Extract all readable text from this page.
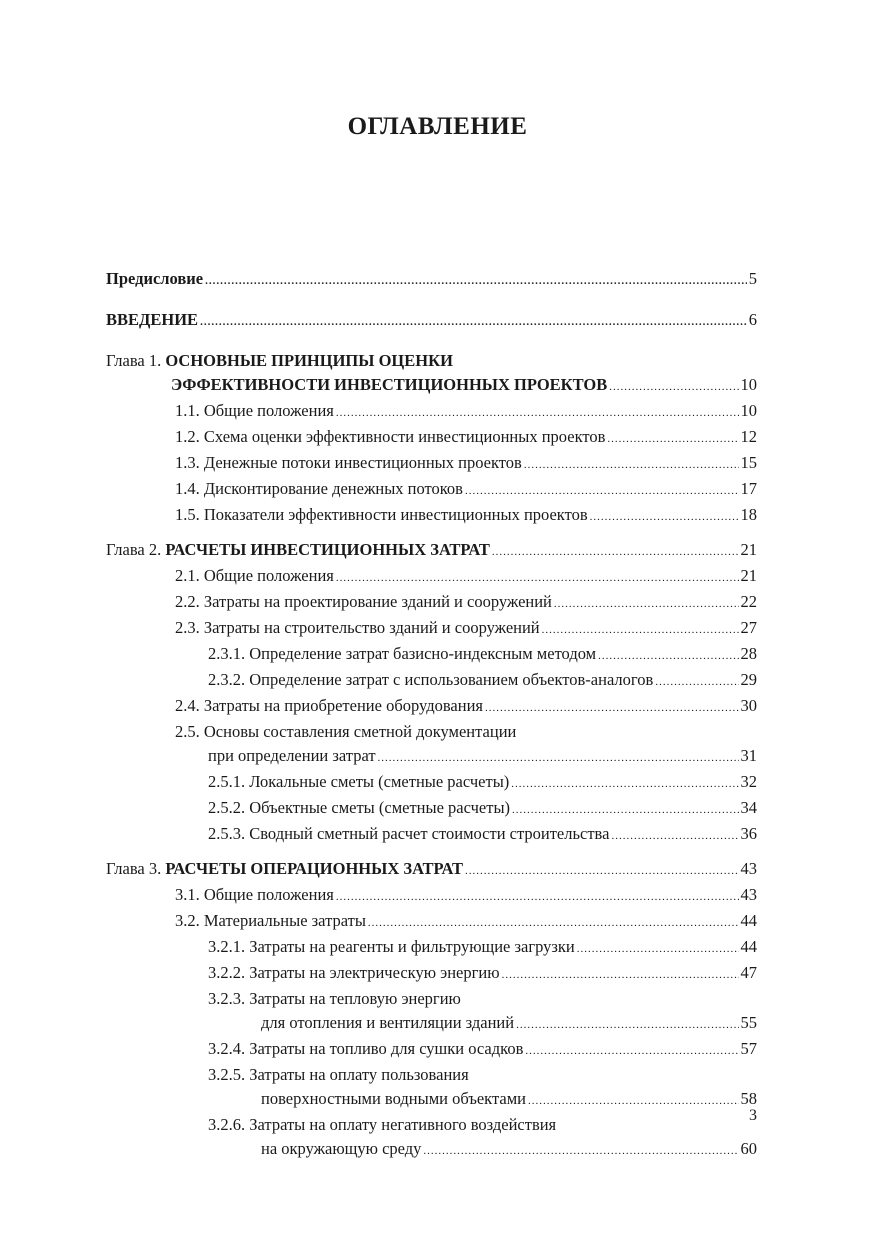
ОГЛАВЛЕНИЕ
Предисловие .....	5
ВВЕДЕНИЕ .....	6
Глава 1. ОСНОВНЫЕ ПРИНЦИПЫ ОЦЕНКИ
ЭФФЕКТИВНОСТИ ИНВЕСТИЦИОННЫХ ПРОЕКТОВ .....	10
1.1. Общие положения .....	10
1.2. Схема оценки эффективности инвестиционных проектов .....	12
1.3. Денежные потоки инвестиционных проектов .....	15
1.4. Дисконтирование денежных потоков .....	17
1.5. Показатели эффективности инвестиционных проектов .....	18
Глава 2. РАСЧЕТЫ ИНВЕСТИЦИОННЫХ ЗАТРАТ .....	21
2.1. Общие положения .....	21
2.2. Затраты на проектирование зданий и сооружений .....	22
2.3. Затраты на строительство зданий и сооружений .....	27
2.3.1. Определение затрат базисно-индексным методом .....	28
2.3.2. Определение затрат с использованием объектов-аналогов .....	29
2.4. Затраты на приобретение оборудования .....	30
2.5. Основы составления сметной документации
при определении затрат .....	31
2.5.1. Локальные сметы (сметные расчеты) .....	32
2.5.2. Объектные сметы (сметные расчеты) .....	34
2.5.3. Сводный сметный расчет стоимости строительства .....	36
Глава 3. РАСЧЕТЫ ОПЕРАЦИОННЫХ ЗАТРАТ .....	43
3.1. Общие положения .....	43
3.2. Материальные затраты .....	44
3.2.1. Затраты на реагенты и фильтрующие загрузки .....	44
3.2.2. Затраты на электрическую энергию .....	47
3.2.3. Затраты на тепловую энергию
для отопления и вентиляции зданий .....	55
3.2.4. Затраты на топливо для сушки осадков .....	57
3.2.5. Затраты на оплату пользования
поверхностными водными объектами .....	58
3.2.6. Затраты на оплату негативного воздействия
на окружающую среду .....	60
3
